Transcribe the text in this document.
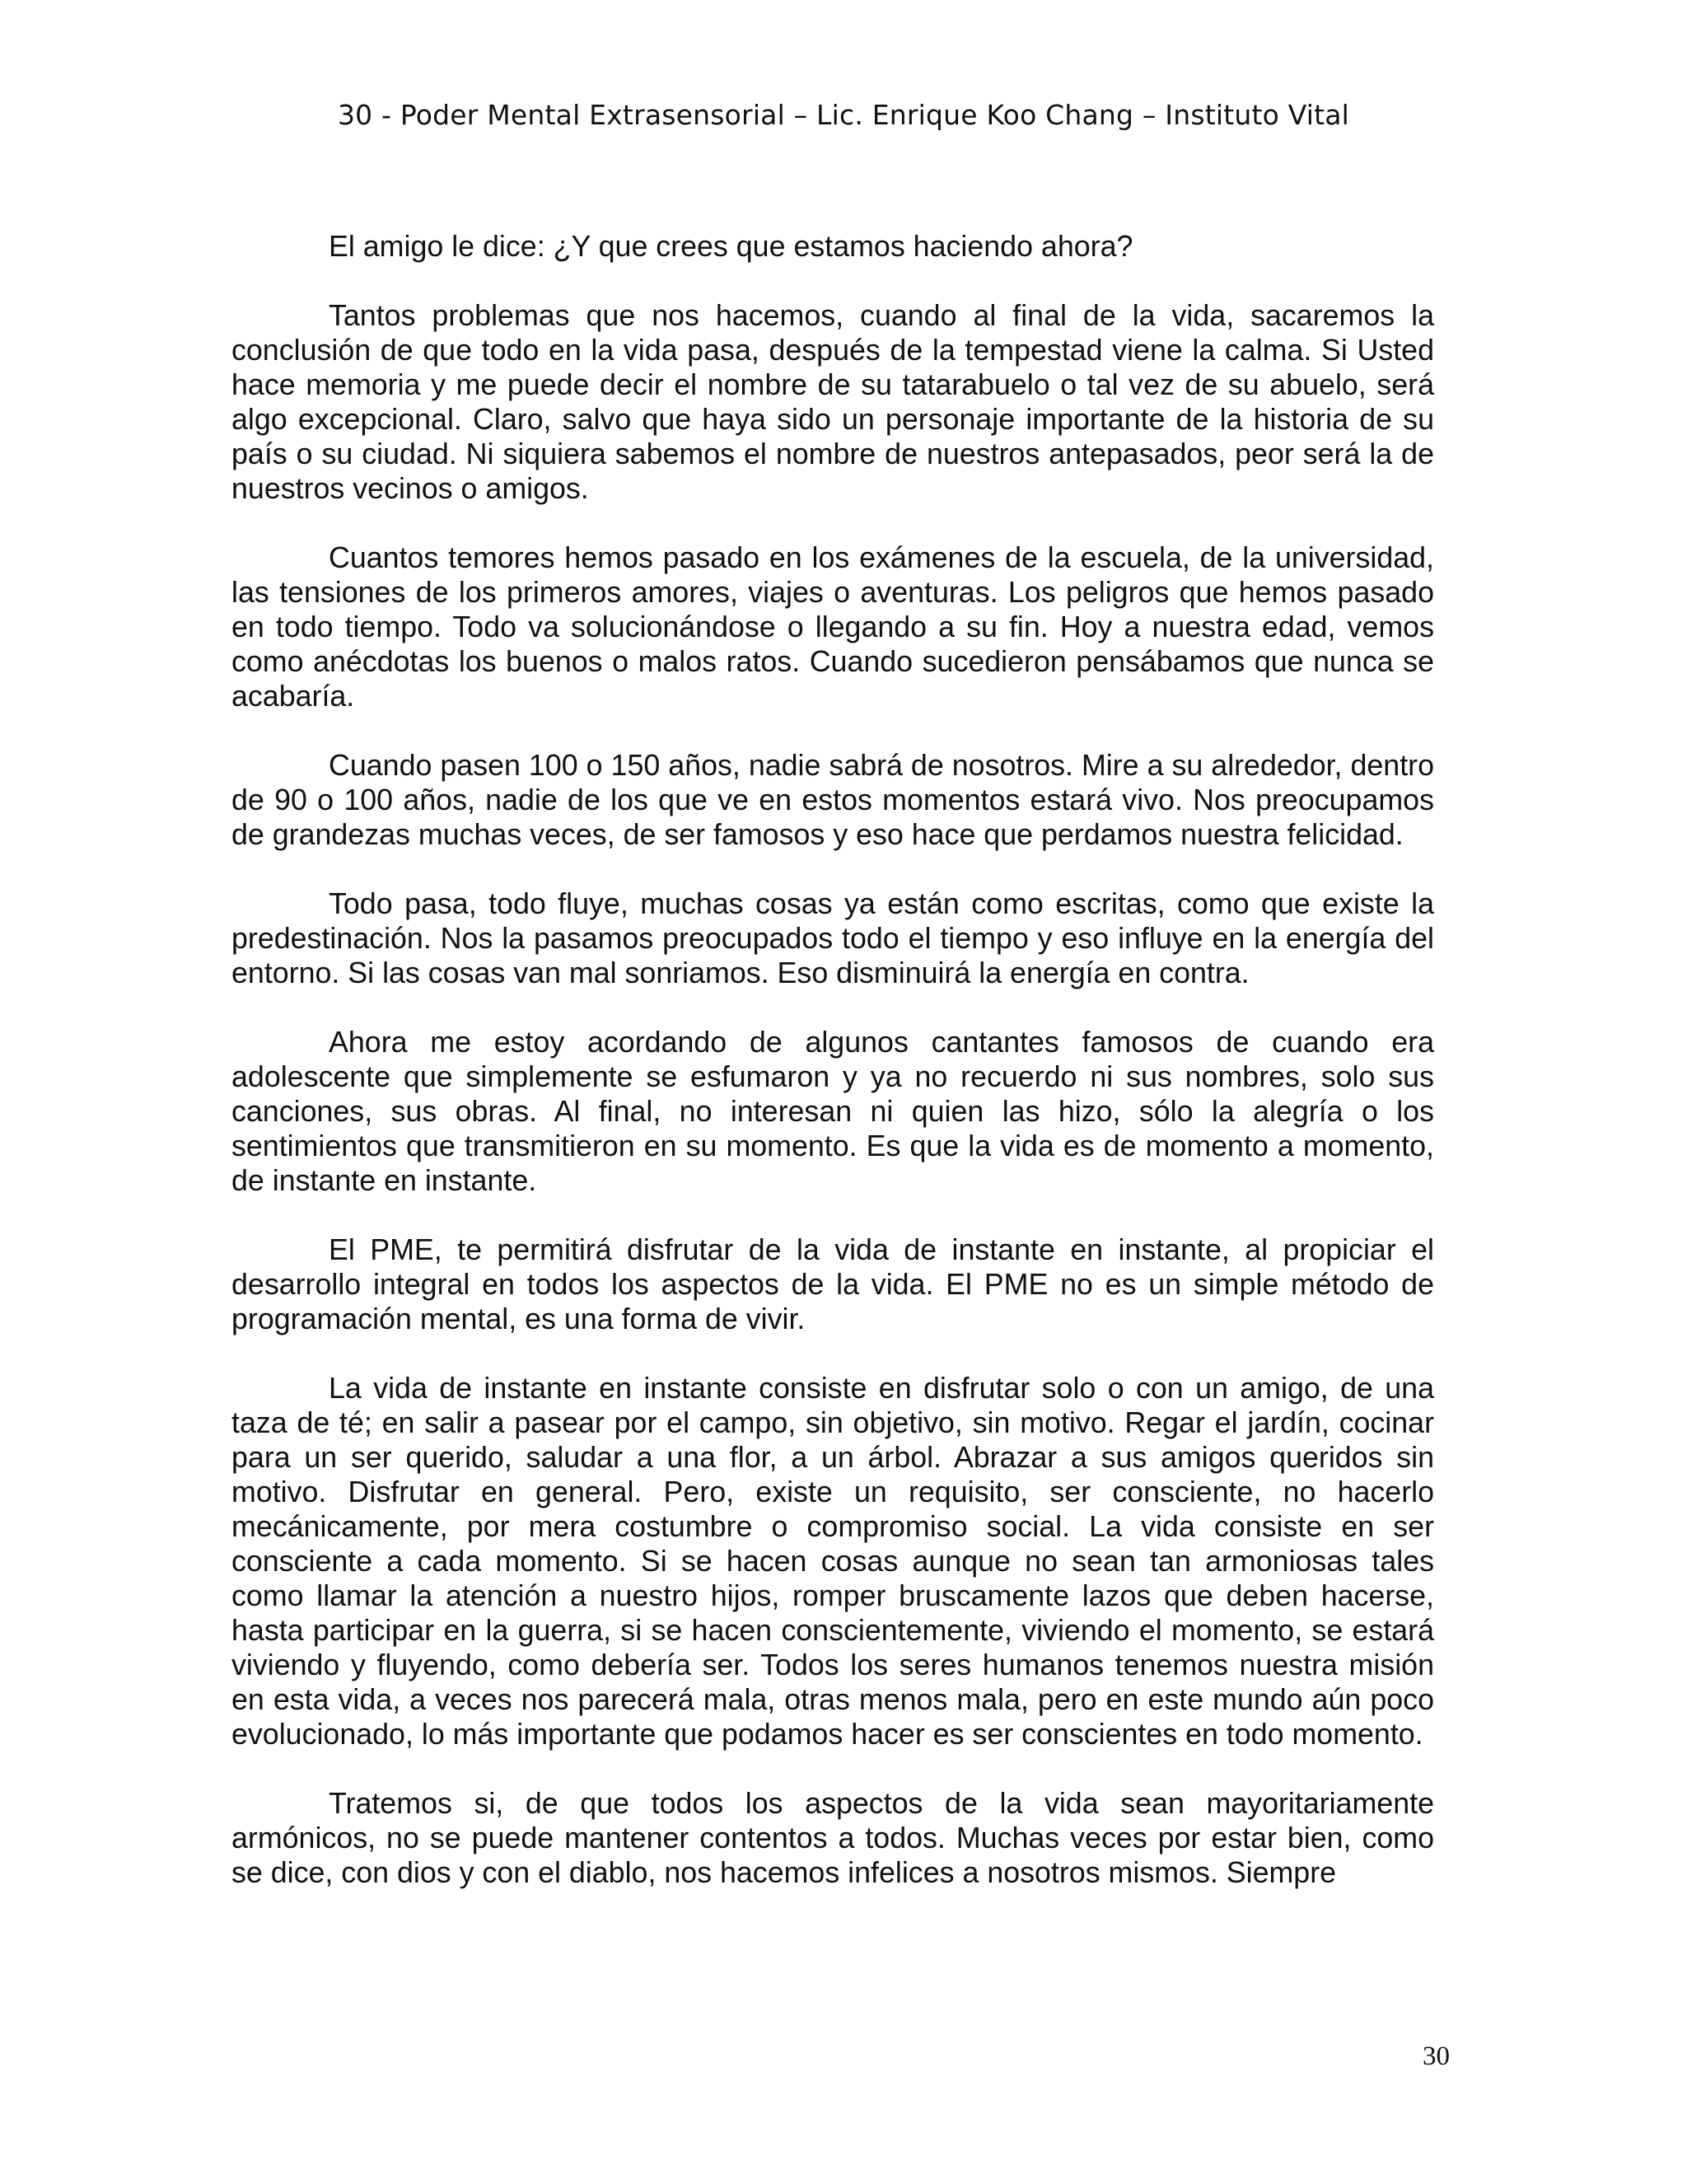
30 - Poder Mental Extrasensorial – Lic. Enrique Koo Chang – Instituto Vital

El amigo le dice: ¿Y que crees que estamos haciendo ahora?

Tantos problemas que nos hacemos, cuando al final de la vida, sacaremos la conclusión de que todo en la vida pasa, después de la tempestad viene la calma. Si Usted hace memoria y me puede decir el nombre de su tatarabuelo o tal vez de su abuelo, será algo excepcional. Claro, salvo que haya sido un personaje importante de la historia de su país o su ciudad. Ni siquiera sabemos el nombre de nuestros antepasados, peor será la de nuestros vecinos o amigos.

Cuantos temores hemos pasado en los exámenes de la escuela, de la universidad, las tensiones de los primeros amores, viajes o aventuras. Los peligros que hemos pasado en todo tiempo. Todo va solucionándose o llegando a su fin. Hoy a nuestra edad, vemos como anécdotas los buenos o malos ratos. Cuando sucedieron pensábamos que nunca se acabaría.

Cuando pasen 100 o 150 años, nadie sabrá de nosotros. Mire a su alrededor, dentro de 90 o 100 años, nadie de los que ve en estos momentos estará vivo. Nos preocupamos de grandezas muchas veces, de ser famosos y eso hace que perdamos nuestra felicidad.

Todo pasa, todo fluye, muchas cosas ya están como escritas, como que existe la predestinación. Nos la pasamos preocupados todo el tiempo y eso influye en la energía del entorno. Si las cosas van mal sonriamos. Eso disminuirá la energía en contra.

Ahora me estoy acordando de algunos cantantes famosos de cuando era adolescente que simplemente se esfumaron y ya no recuerdo ni sus nombres, solo sus canciones, sus obras. Al final, no interesan ni quien las hizo, sólo la alegría o los sentimientos que transmitieron en su momento. Es que la vida es de momento a momento, de instante en instante.

El PME, te permitirá disfrutar de la vida de instante en instante, al propiciar el desarrollo integral en todos los aspectos de la vida. El PME no es un simple método de programación mental, es una forma de vivir.

La vida de instante en instante consiste en disfrutar solo o con un amigo, de una taza de té; en salir a pasear por el campo, sin objetivo, sin motivo. Regar el jardín, cocinar para un ser querido, saludar a una flor, a un árbol. Abrazar a sus amigos queridos sin motivo. Disfrutar en general. Pero, existe un requisito, ser consciente, no hacerlo mecánicamente, por mera costumbre o compromiso social. La vida consiste en ser consciente a cada momento. Si se hacen cosas aunque no sean tan armoniosas tales como llamar la atención a nuestro hijos, romper bruscamente lazos que deben hacerse, hasta participar en la guerra, si se hacen conscientemente, viviendo el momento, se estará viviendo y fluyendo, como debería ser. Todos los seres humanos tenemos nuestra misión en esta vida, a veces nos parecerá mala, otras menos mala, pero en este mundo aún poco evolucionado, lo más importante que podamos hacer es ser conscientes en todo momento.

Tratemos si, de que todos los aspectos de la vida sean mayoritariamente armónicos, no se puede mantener contentos a todos. Muchas veces por estar bien, como se dice, con dios y con el diablo, nos hacemos infelices a nosotros mismos. Siempre

30
